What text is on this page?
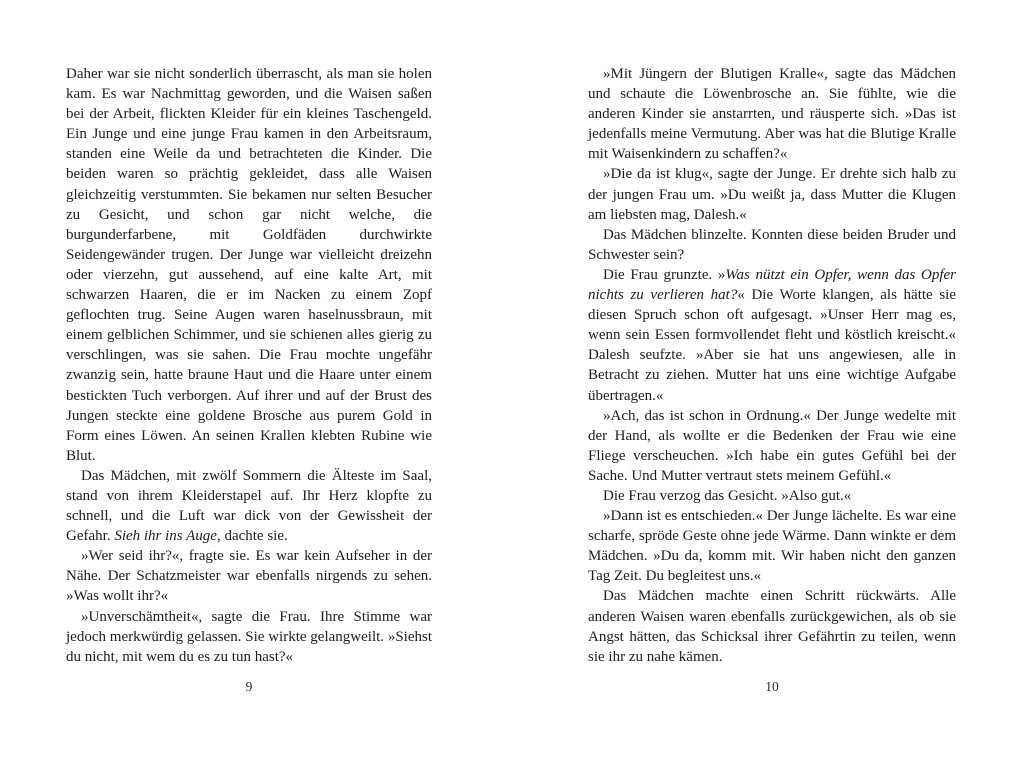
Daher war sie nicht sonderlich überrascht, als man sie holen kam. Es war Nachmittag geworden, und die Waisen saßen bei der Arbeit, flickten Kleider für ein kleines Taschengeld. Ein Junge und eine junge Frau kamen in den Arbeitsraum, standen eine Weile da und betrachteten die Kinder. Die beiden waren so prächtig gekleidet, dass alle Waisen gleichzeitig verstummten. Sie bekamen nur selten Besucher zu Gesicht, und schon gar nicht welche, die burgunderfarbene, mit Goldfäden durchwirkte Seidengewänder trugen. Der Junge war vielleicht dreizehn oder vierzehn, gut aussehend, auf eine kalte Art, mit schwarzen Haaren, die er im Nacken zu einem Zopf geflochten trug. Seine Augen waren haselnussbraun, mit einem gelblichen Schimmer, und sie schienen alles gierig zu verschlingen, was sie sahen. Die Frau mochte ungefähr zwanzig sein, hatte braune Haut und die Haare unter einem bestickten Tuch verborgen. Auf ihrer und auf der Brust des Jungen steckte eine goldene Brosche aus purem Gold in Form eines Löwen. An seinen Krallen klebten Rubine wie Blut.

Das Mädchen, mit zwölf Sommern die Älteste im Saal, stand von ihrem Kleiderstapel auf. Ihr Herz klopfte zu schnell, und die Luft war dick von der Gewissheit der Gefahr. Sieh ihr ins Auge, dachte sie.

»Wer seid ihr?«, fragte sie. Es war kein Aufseher in der Nähe. Der Schatzmeister war ebenfalls nirgends zu sehen. »Was wollt ihr?«

»Unverschämtheit«, sagte die Frau. Ihre Stimme war jedoch merkwürdig gelassen. Sie wirkte gelangweilt. »Siehst du nicht, mit wem du es zu tun hast?«

»Mit Jüngern der Blutigen Kralle«, sagte das Mädchen und schaute die Löwenbrosche an. Sie fühlte, wie die anderen Kinder sie anstarrten, und räusperte sich. »Das ist jedenfalls meine Vermutung. Aber was hat die Blutige Kralle mit Waisenkindern zu schaffen?«

»Die da ist klug«, sagte der Junge. Er drehte sich halb zu der jungen Frau um. »Du weißt ja, dass Mutter die Klugen am liebsten mag, Dalesh.«

Das Mädchen blinzelte. Konnten diese beiden Bruder und Schwester sein?

Die Frau grunzte. »Was nützt ein Opfer, wenn das Opfer nichts zu verlieren hat?« Die Worte klangen, als hätte sie diesen Spruch schon oft aufgesagt. »Unser Herr mag es, wenn sein Essen formvollendet fleht und köstlich kreischt.« Dalesh seufzte. »Aber sie hat uns angewiesen, alle in Betracht zu ziehen. Mutter hat uns eine wichtige Aufgabe übertragen.«

»Ach, das ist schon in Ordnung.« Der Junge wedelte mit der Hand, als wollte er die Bedenken der Frau wie eine Fliege verscheuchen. »Ich habe ein gutes Gefühl bei der Sache. Und Mutter vertraut stets meinem Gefühl.«

Die Frau verzog das Gesicht. »Also gut.«

»Dann ist es entschieden.« Der Junge lächelte. Es war eine scharfe, spröde Geste ohne jede Wärme. Dann winkte er dem Mädchen. »Du da, komm mit. Wir haben nicht den ganzen Tag Zeit. Du begleitest uns.«

Das Mädchen machte einen Schritt rückwärts. Alle anderen Waisen waren ebenfalls zurückgewichen, als ob sie Angst hätten, das Schicksal ihrer Gefährtin zu teilen, wenn sie ihr zu nahe kämen.

9	10
